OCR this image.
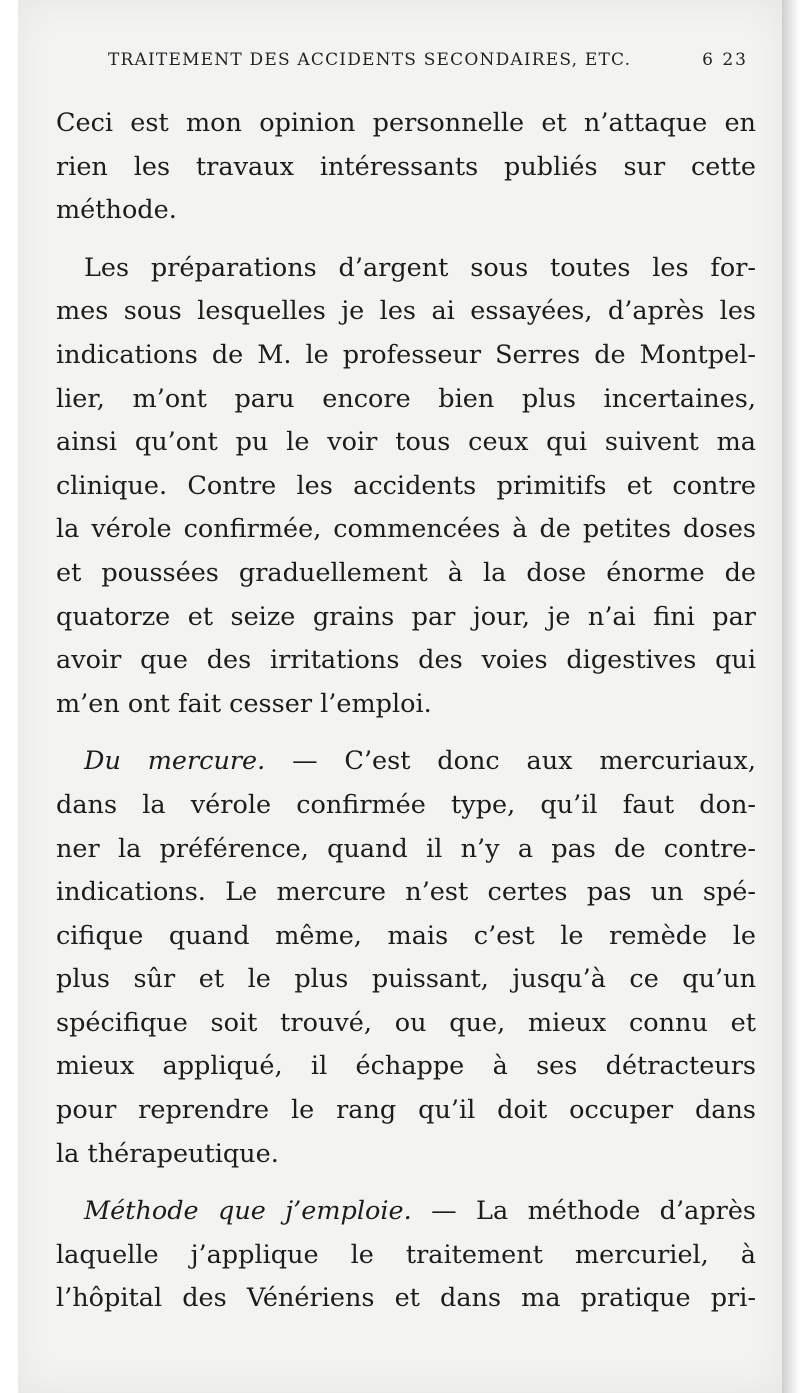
TRAITEMENT DES ACCIDENTS SECONDAIRES, ETC.	6 23

Ceci est mon opinion personnelle et n’attaque en

rien les travaux intéressants publiés sur cette

méthode.

Les préparations d’argent sous toutes les for-

mes sous lesquelles je les ai essayées, d’après les

indications de M. le professeur Serres de Montpel-

lier, m’ont paru encore bien plus incertaines,

ainsi qu’ont pu le voir tous ceux qui suivent ma

clinique. Contre les accidents primitifs et contre

la vérole confirmée, commencées à de petites doses

et poussées graduellement à la dose énorme de

quatorze et seize grains par jour, je n’ai fini par

avoir que des irritations des voies digestives qui

m’en ont fait cesser l’emploi.

Du mercure. — C’est donc aux mercuriaux,

dans la vérole confirmée type, qu’il faut don-

ner la préférence, quand il n’y a pas de contre-

indications. Le mercure n’est certes pas un spé-

cifique quand même, mais c’est le remède le

plus sûr et le plus puissant, jusqu’à ce qu’un

spécifique soit trouvé, ou que, mieux connu et

mieux appliqué, il échappe à ses détracteurs

pour reprendre le rang qu’il doit occuper dans

la thérapeutique.

Méthode que j’emploie. — La méthode d’après

laquelle j’applique le traitement mercuriel, à

l’hôpital des Vénériens et dans ma pratique pri-
